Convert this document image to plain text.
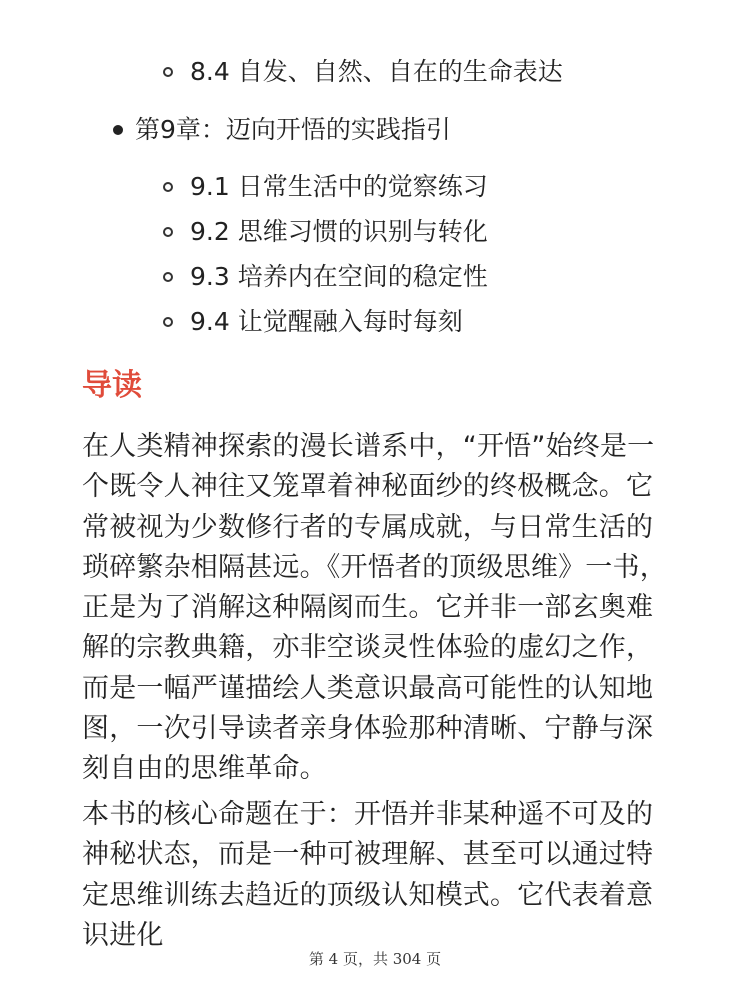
8.4 自发、自然、自在的生命表达
第9章：迈向开悟的实践指引
9.1 日常生活中的觉察练习
9.2 思维习惯的识别与转化
9.3 培养内在空间的稳定性
9.4 让觉醒融入每时每刻
导读

在人类精神探索的漫长谱系中，“开悟”始终是一个既令人神往又笼罩着神秘面纱的终极概念。它常被视为少数修行者的专属成就，与日常生活的琐碎繁杂相隔甚远。《开悟者的顶级思维》一书，正是为了消解这种隔阂而生。它并非一部玄奥难解的宗教典籍，亦非空谈灵性体验的虚幻之作，而是一幅严谨描绘人类意识最高可能性的认知地图，一次引导读者亲身体验那种清晰、宁静与深刻自由的思维革命。

本书的核心命题在于：开悟并非某种遥不可及的神秘状态，而是一种可被理解、甚至可以通过特定思维训练去趋近的顶级认知模式。它代表着意识进化

第 4 页，共 304 页
